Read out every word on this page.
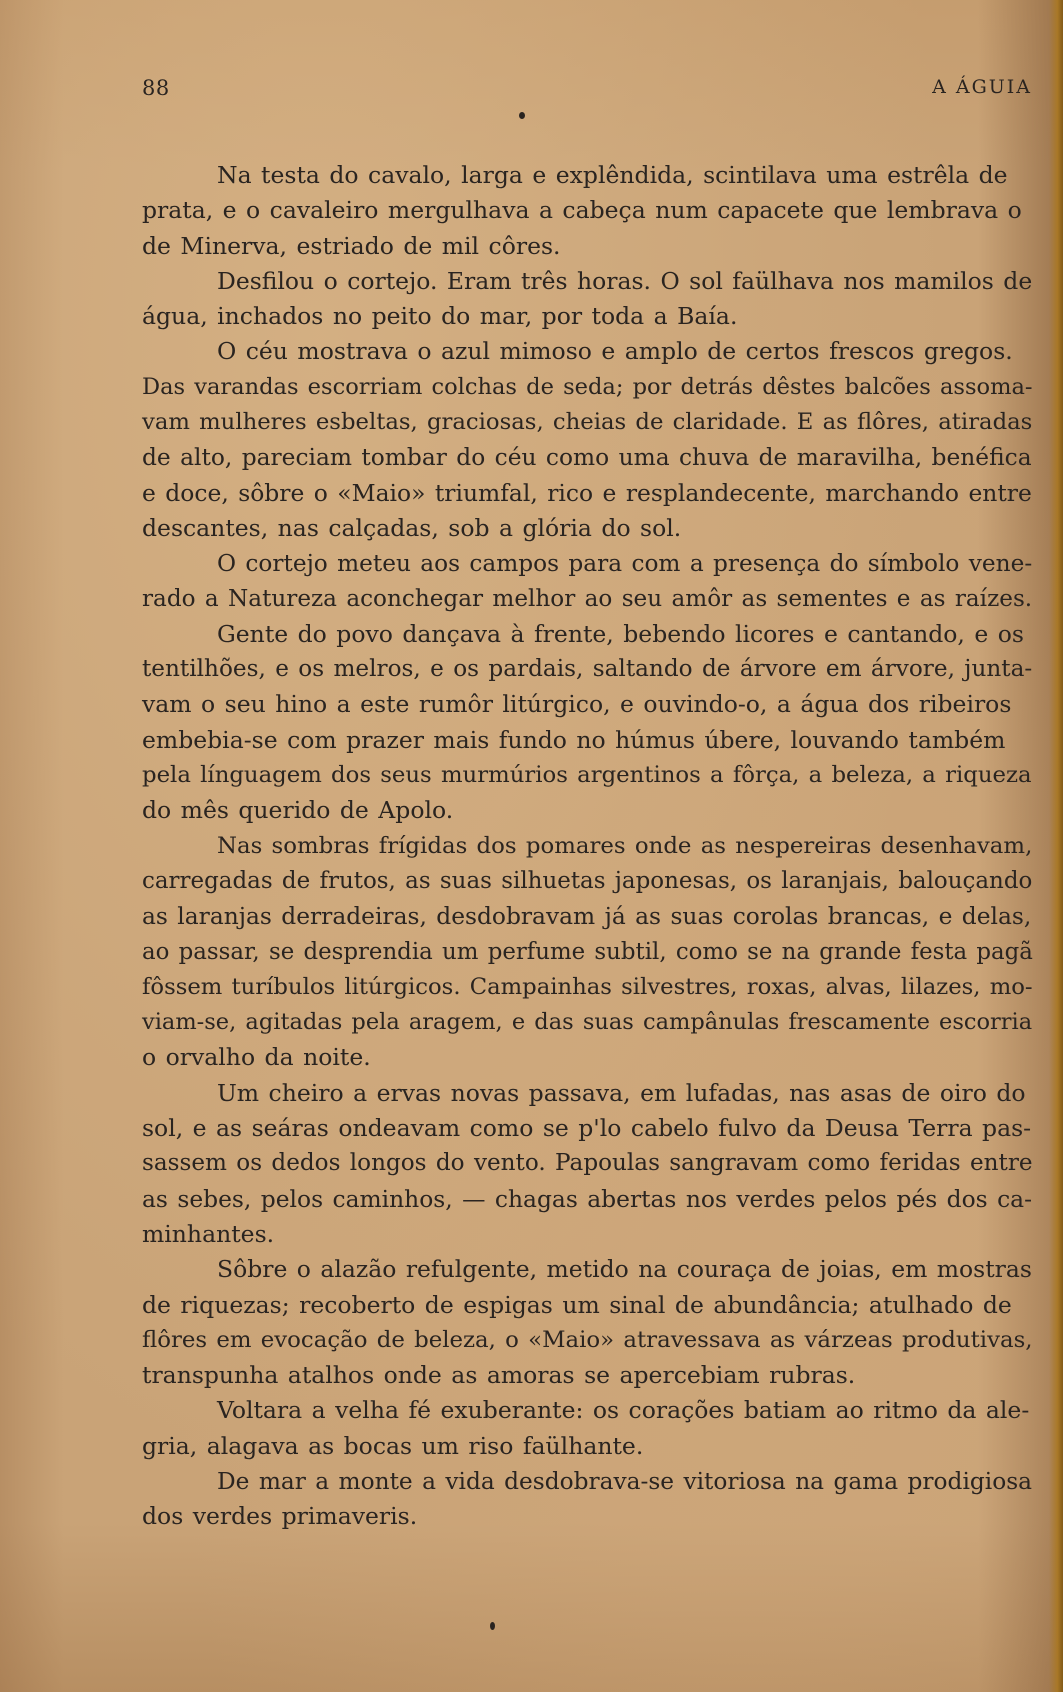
88	A ÁGUIA
Na testa do cavalo, larga e explêndida, scintilava uma estrêla de
prata, e o cavaleiro mergulhava a cabeça num capacete que lembrava o
de Minerva, estriado de mil côres.
Desfilou o cortejo. Eram três horas. O sol faülhava nos mamilos de
água, inchados no peito do mar, por toda a Baía.
O céu mostrava o azul mimoso e amplo de certos frescos gregos.
Das varandas escorriam colchas de seda; por detrás dêstes balcões assoma-
vam mulheres esbeltas, graciosas, cheias de claridade. E as flôres, atiradas
de alto, pareciam tombar do céu como uma chuva de maravilha, benéfica
e doce, sôbre o «Maio» triumfal, rico e resplandecente, marchando entre
descantes, nas calçadas, sob a glória do sol.
O cortejo meteu aos campos para com a presença do símbolo vene-
rado a Natureza aconchegar melhor ao seu amôr as sementes e as raízes.
Gente do povo dançava à frente, bebendo licores e cantando, e os
tentilhões, e os melros, e os pardais, saltando de árvore em árvore, junta-
vam o seu hino a este rumôr litúrgico, e ouvindo-o, a água dos ribeiros
embebia-se com prazer mais fundo no húmus úbere, louvando também
pela línguagem dos seus murmúrios argentinos a fôrça, a beleza, a riqueza
do mês querido de Apolo.
Nas sombras frígidas dos pomares onde as nespereiras desenhavam,
carregadas de frutos, as suas silhuetas japonesas, os laranjais, balouçando
as laranjas derradeiras, desdobravam já as suas corolas brancas, e delas,
ao passar, se desprendia um perfume subtil, como se na grande festa pagã
fôssem turíbulos litúrgicos. Campainhas silvestres, roxas, alvas, lilazes, mo-
viam-se, agitadas pela aragem, e das suas campânulas frescamente escorria
o orvalho da noite.
Um cheiro a ervas novas passava, em lufadas, nas asas de oiro do
sol, e as seáras ondeavam como se p'lo cabelo fulvo da Deusa Terra pas-
sassem os dedos longos do vento. Papoulas sangravam como feridas entre
as sebes, pelos caminhos, — chagas abertas nos verdes pelos pés dos ca-
minhantes.
Sôbre o alazão refulgente, metido na couraça de joias, em mostras
de riquezas; recoberto de espigas um sinal de abundância; atulhado de
flôres em evocação de beleza, o «Maio» atravessava as várzeas produtivas,
transpunha atalhos onde as amoras se apercebiam rubras.
Voltara a velha fé exuberante: os corações batiam ao ritmo da ale-
gria, alagava as bocas um riso faülhante.
De mar a monte a vida desdobrava-se vitoriosa na gama prodigiosa
dos verdes primaveris.
